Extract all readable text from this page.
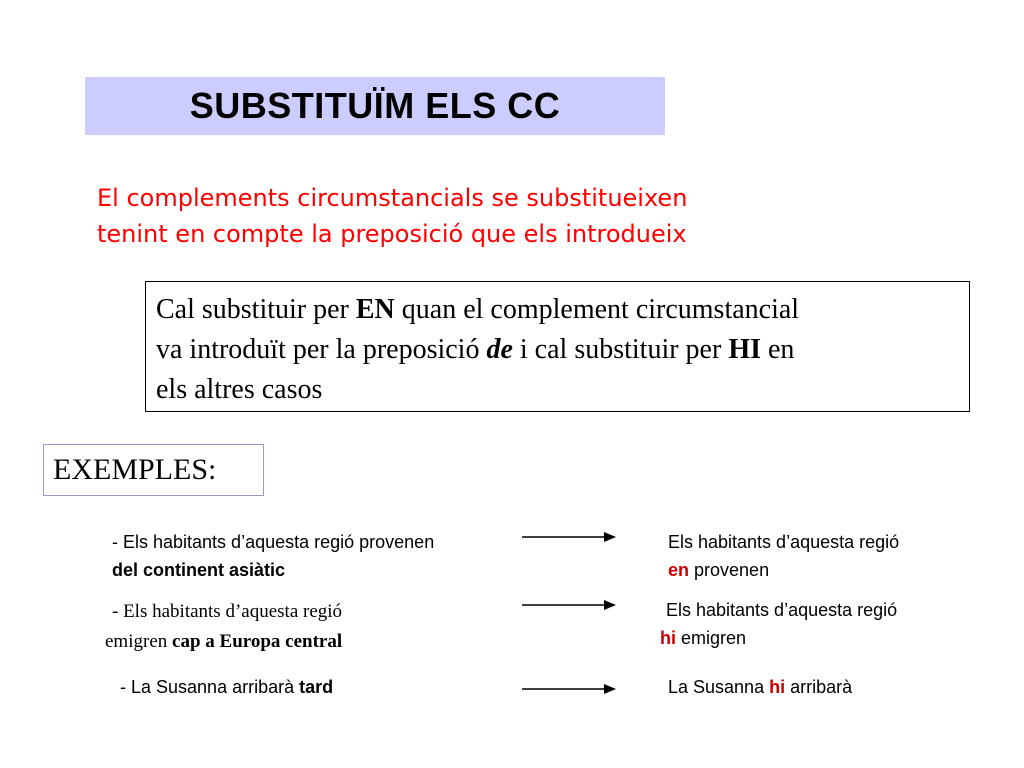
SUBSTITUÏM ELS CC
El complements circumstancials se substitueixen
tenint en compte la preposició que els introdueix
Cal substituir per EN quan el complement circumstancial
va introduït per la preposició de i cal substituir per HI en
els altres casos
EXEMPLES:
- Els habitants d’aquesta regió provenen
del continent asiàtic
Els habitants d’aquesta regió
en provenen
- Els habitants d’aquesta regió
emigren cap a Europa central
Els habitants d’aquesta regió
hi emigren
- La Susanna arribarà tard	La Susanna hi arribarà
